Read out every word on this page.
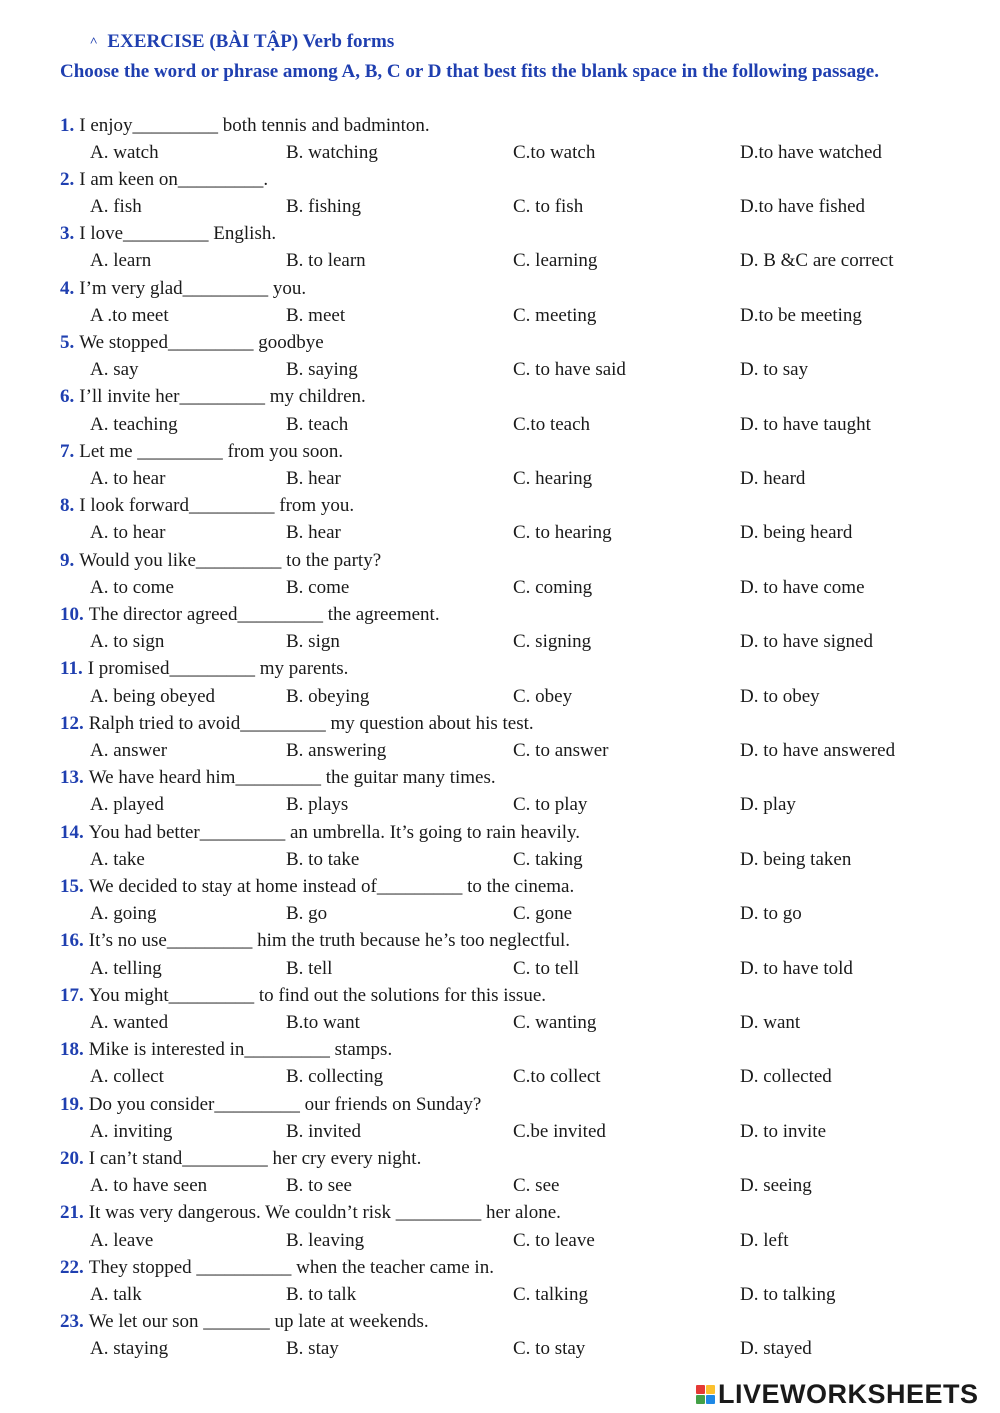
˄ EXERCISE (BÀI TẬP) Verb forms
Choose the word or phrase among A, B, C or D that best fits the blank space in the following passage.
1. I enjoy_________ both tennis and badminton.
A. watch	B. watching	C.to watch	D.to have watched
2. I am keen on_________.
A. fish	B. fishing	C. to fish	D.to have fished
3. I love_________ English.
A. learn	B. to learn	C. learning	D. B &C are correct
4. I’m very glad_________ you.
A .to meet	B. meet	C. meeting	D.to be meeting
5. We stopped_________ goodbye
A. say	B. saying	C. to have said	D. to say
6. I’ll invite her_________ my children.
A. teaching	B. teach	C.to teach	D. to have taught
7. Let me _________ from you soon.
A. to hear	B. hear	C. hearing	D. heard
8. I look forward_________ from you.
A. to hear	B. hear	C. to hearing	D. being heard
9. Would you like_________ to the party?
A. to come	B. come	C. coming	D. to have come
10. The director agreed_________ the agreement.
A. to sign	B. sign	C. signing	D. to have signed
11. I promised_________ my parents.
A. being obeyed	B. obeying	C. obey	D. to obey
12. Ralph tried to avoid_________ my question about his test.
A. answer	B. answering	C. to answer	D. to have answered
13. We have heard him_________ the guitar many times.
A. played	B. plays	C. to play	D. play
14. You had better_________ an umbrella. It’s going to rain heavily.
A. take	B. to take	C. taking	D. being taken
15. We decided to stay at home instead of_________ to the cinema.
A. going	B. go	C. gone	D. to go
16. It’s no use_________ him the truth because he’s too neglectful.
A. telling	B. tell	C. to tell	D. to have told
17. You might_________ to find out the solutions for this issue.
A. wanted	B.to want	C. wanting	D. want
18. Mike is interested in_________ stamps.
A. collect	B. collecting	C.to collect	D. collected
19. Do you consider_________ our friends on Sunday?
A. inviting	B. invited	C.be invited	D. to invite
20. I can’t stand_________ her cry every night.
A. to have seen	B. to see	C. see	D. seeing
21. It was very dangerous. We couldn’t risk _________ her alone.
A. leave	B. leaving	C. to leave	D. left
22. They stopped __________ when the teacher came in.
A. talk	B. to talk	C. talking	D. to talking
23. We let our son _______ up late at weekends.
A. staying	B. stay	C. to stay	D. stayed
LIVEWORKSHEETS
